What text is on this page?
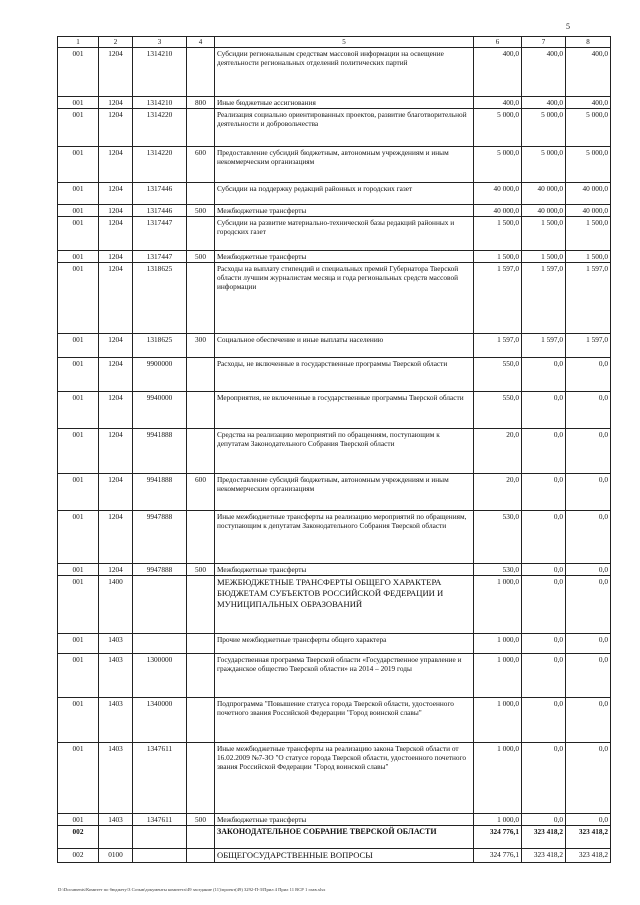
5
1	2	3	4	5	6	7	8
001	1204	1314210		Субсидии региональным средствам массовой информации на освещение деятельности региональных отделений политических партий	400,0	400,0	400,0
001	1204	1314210	800	Иные бюджетные ассигнования	400,0	400,0	400,0
001	1204	1314220		Реализация социально ориентированных проектов, развитие благотворительной деятельности и добровольчества	5 000,0	5 000,0	5 000,0
001	1204	1314220	600	Предоставление субсидий бюджетным, автономным учреждениям и иным некоммерческим организациям	5 000,0	5 000,0	5 000,0
001	1204	1317446		Субсидии на поддержку редакций районных и городских газет	40 000,0	40 000,0	40 000,0
001	1204	1317446	500	Межбюджетные трансферты	40 000,0	40 000,0	40 000,0
001	1204	1317447		Субсидии на развитие материально-технической базы редакций районных и городских газет	1 500,0	1 500,0	1 500,0
001	1204	1317447	500	Межбюджетные трансферты	1 500,0	1 500,0	1 500,0
001	1204	1318625		Расходы на выплату стипендий и специальных премий Губернатора Тверской области лучшим журналистам месяца и года региональных средств массовой информации	1 597,0	1 597,0	1 597,0
001	1204	1318625	300	Социальное обеспечение и иные выплаты населению	1 597,0	1 597,0	1 597,0
001	1204	9900000		Расходы, не включенные в государственные программы Тверской области	550,0	0,0	0,0
001	1204	9940000		Мероприятия, не включенные в государственные программы Тверской области	550,0	0,0	0,0
001	1204	9941888		Средства на реализацию мероприятий по обращениям, поступающим к депутатам Законодательного Собрания Тверской области	20,0	0,0	0,0
001	1204	9941888	600	Предоставление субсидий бюджетным, автономным учреждениям и иным некоммерческим организациям	20,0	0,0	0,0
001	1204	9947888		Иные межбюджетные трансферты на реализацию мероприятий по обращениям, поступающим к депутатам Законодательного Собрания Тверской области	530,0	0,0	0,0
001	1204	9947888	500	Межбюджетные трансферты	530,0	0,0	0,0
001	1400			МЕЖБЮДЖЕТНЫЕ ТРАНСФЕРТЫ ОБЩЕГО ХАРАКТЕРА БЮДЖЕТАМ СУБЪЕКТОВ РОССИЙСКОЙ ФЕДЕРАЦИИ И МУНИЦИПАЛЬНЫХ ОБРАЗОВАНИЙ	1 000,0	0,0	0,0
001	1403			Прочие межбюджетные трансферты общего характера	1 000,0	0,0	0,0
001	1403	1300000		Государственная программа Тверской области «Государственное управление и гражданское общество Тверской области» на 2014 – 2019 годы	1 000,0	0,0	0,0
001	1403	1340000		Подпрограмма "Повышение статуса города Тверской области, удостоенного почетного звания Российской Федерации "Город воинской славы"	1 000,0	0,0	0,0
001	1403	1347611		Иные межбюджетные трансферты на реализацию закона Тверской области от 16.02.2009 №7-ЗО "О статусе города Тверской области, удостоенного почетного звания Российской Федерации "Город воинской славы"	1 000,0	0,0	0,0
001	1403	1347611	500	Межбюджетные трансферты	1 000,0	0,0	0,0
002				ЗАКОНОДАТЕЛЬНОЕ СОБРАНИЕ ТВЕРСКОЙ ОБЛАСТИ	324 776,1	323 418,2	323 418,2
002	0100			ОБЩЕГОСУДАРСТВЕННЫЕ ВОПРОСЫ	324 776,1	323 418,2	323 418,2
D:\Documents\Комитет по бюджету\3 Созыв\документы комитета\49 заседание (11)\проект(49) 3292-П-3\Прил 4 Прил 11 ВСР 1 глав.xlsx
